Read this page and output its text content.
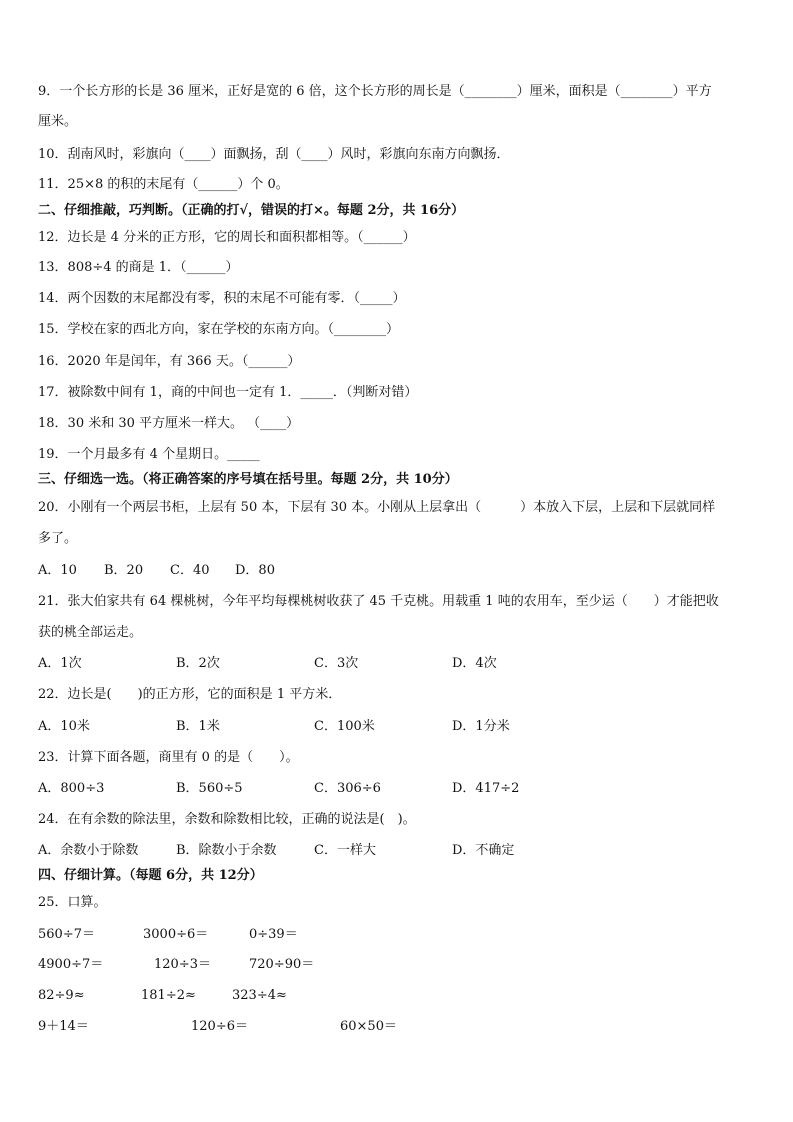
9．一个长方形的长是 36 厘米，正好是宽的 6 倍，这个长方形的周长是（________）厘米，面积是（________）平方
厘米。
10．刮南风时，彩旗向（____）面飘扬，刮（____）风时，彩旗向东南方向飘扬．
11．25×8 的积的末尾有（______）个 0。
二、仔细推敲，巧判断。（正确的打√，错误的打×。每题 2分，共 16分）
12．边长是 4 分米的正方形，它的周长和面积都相等。（______）
13．808÷4 的商是 1．（______）
14．两个因数的末尾都没有零，积的末尾不可能有零．（_____）
15．学校在家的西北方向，家在学校的东南方向。（________）
16．2020 年是闰年，有 366 天。（______）
17．被除数中间有 1，商的中间也一定有 1．_____．（判断对错）
18．30 米和 30 平方厘米一样大。 （____）
19．一个月最多有 4 个星期日。_____
三、仔细选一选。（将正确答案的序号填在括号里。每题 2分，共 10分）
20．小刚有一个两层书柜，上层有 50 本，下层有 30 本。小刚从上层拿出（　　　）本放入下层，上层和下层就同样
多了。
A．10 B．20 C．40 D．80
21．张大伯家共有 64 棵桃树，今年平均每棵桃树收获了 45 千克桃。用载重 1 吨的农用车，至少运（　　）才能把收
获的桃全部运走。
A．1次	B．2次	C．3次	D．4次
22．边长是(　　)的正方形，它的面积是 1 平方米．
A．10米	B．1米	C．100米	D．1分米
23．计算下面各题，商里有 0 的是（　　）。
A．800÷3	B．560÷5	C．306÷6	D．417÷2
24．在有余数的除法里，余数和除数相比较，正确的说法是(　)。
A．余数小于除数	B．除数小于余数	C．一样大	D．不确定
四、仔细计算。（每题 6分，共 12分）
25．口算。
560÷7＝	3000÷6＝	0÷39＝
4900÷7＝	120÷3＝	720÷90＝
82÷9≈	181÷2≈	323÷4≈
9＋14＝	120÷6＝	60×50＝
